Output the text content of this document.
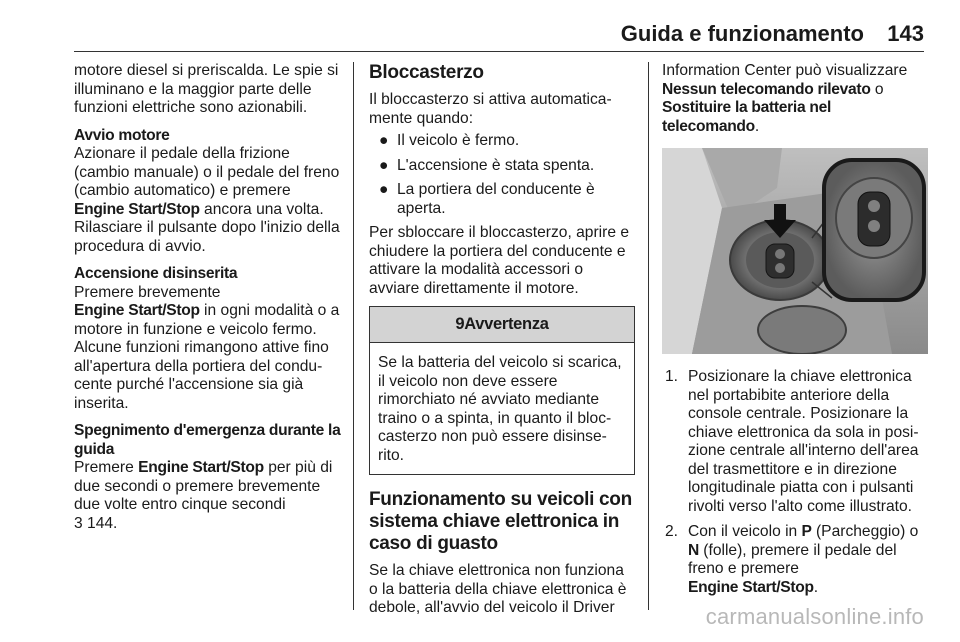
Guida e funzionamento 143

motore diesel si preriscalda. Le spie si illuminano e la maggior parte delle funzioni elettriche sono azionabili.

Avvio motore

Azionare il pedale della frizione (cambio manuale) o il pedale del freno (cambio automatico) e premere Engine Start/Stop ancora una volta. Rilasciare il pulsante dopo l'inizio della procedura di avvio.

Accensione disinserita

Premere brevemente

Engine Start/Stop in ogni modalità o a motore in funzione e veicolo fermo. Alcune funzioni rimangono attive fino all'apertura della portiera del conducente purché l'accensione sia già inserita.

Spegnimento d'emergenza durante la guida

Premere Engine Start/Stop per più di due secondi o premere brevemente due volte entro cinque secondi
3 144.

Bloccasterzo

Il bloccasterzo si attiva automaticamente quando:

● Il veicolo è fermo.
● L'accensione è stata spenta.
● La portiera del conducente è aperta.

Per sbloccare il bloccasterzo, aprire e chiudere la portiera del conducente e attivare la modalità accessori o avviare direttamente il motore.

9Avvertenza
Se la batteria del veicolo si scarica, il veicolo non deve essere rimorchiato né avviato mediante traino o a spinta, in quanto il bloccasterzo non può essere disinserito.

Funzionamento su veicoli con sistema chiave elettronica in caso di guasto

Se la chiave elettronica non funziona o la batteria della chiave elettronica è debole, all'avvio del veicolo il Driver

Information Center può visualizzare

Nessun telecomando rilevato o
Sostituire la batteria nel telecomando.

1. Posizionare la chiave elettronica nel portabibite anteriore della console centrale. Posizionare la chiave elettronica da sola in posizione centrale all'interno dell'area del trasmettitore e in direzione longitudinale piatta con i pulsanti rivolti verso l'alto come illustrato.
2. Con il veicolo in P (Parcheggio) o N (folle), premere il pedale del freno e premere
Engine Start/Stop.
carmanualsonline.info
